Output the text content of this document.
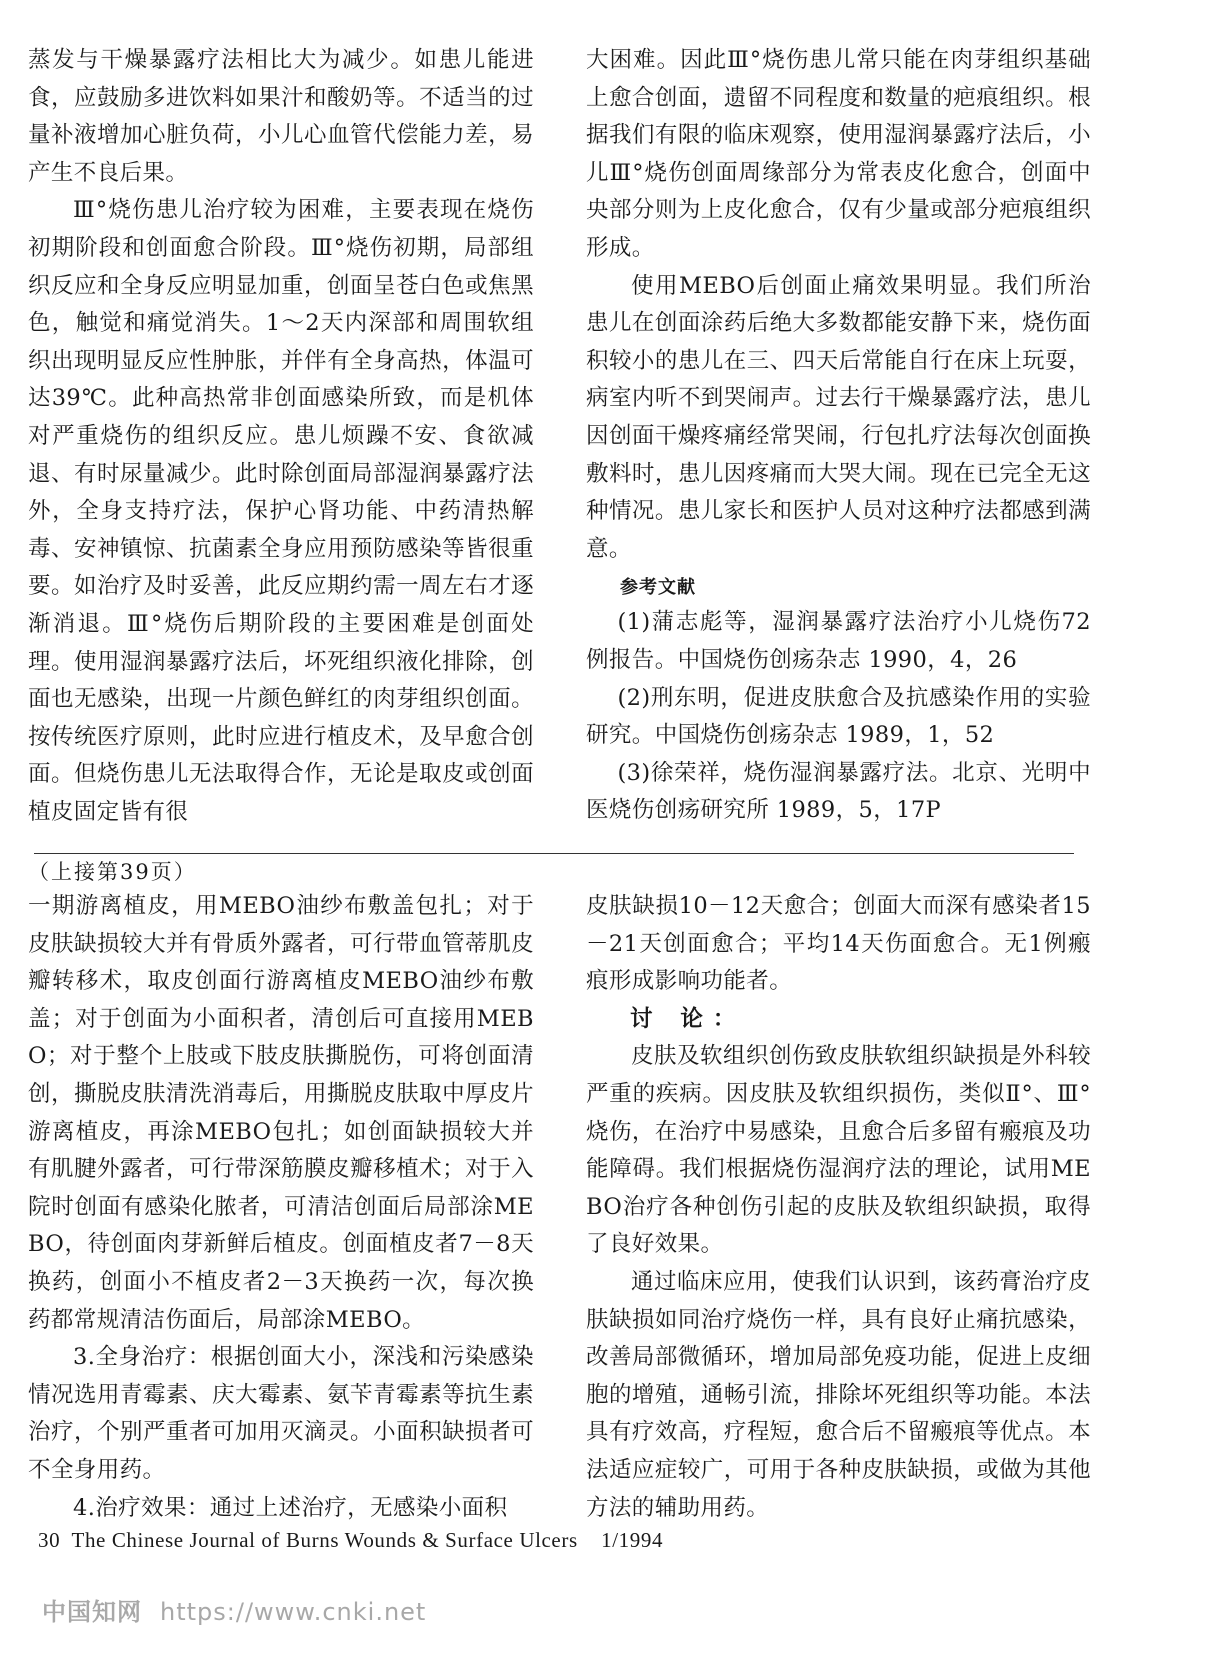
蒸发与干燥暴露疗法相比大为减少。如患儿能进食，应鼓励多进饮料如果汁和酸奶等。不适当的过量补液增加心脏负荷，小儿心血管代偿能力差，易产生不良后果。

Ⅲ°烧伤患儿治疗较为困难，主要表现在烧伤初期阶段和创面愈合阶段。Ⅲ°烧伤初期，局部组织反应和全身反应明显加重，创面呈苍白色或焦黑色，触觉和痛觉消失。1～2天内深部和周围软组织出现明显反应性肿胀，并伴有全身高热，体温可达39℃。此种高热常非创面感染所致，而是机体对严重烧伤的组织反应。患儿烦躁不安、食欲减退、有时尿量减少。此时除创面局部湿润暴露疗法外，全身支持疗法，保护心肾功能、中药清热解毒、安神镇惊、抗菌素全身应用预防感染等皆很重要。如治疗及时妥善，此反应期约需一周左右才逐渐消退。Ⅲ°烧伤后期阶段的主要困难是创面处理。使用湿润暴露疗法后，坏死组织液化排除，创面也无感染，出现一片颜色鲜红的肉芽组织创面。按传统医疗原则，此时应进行植皮术，及早愈合创面。但烧伤患儿无法取得合作，无论是取皮或创面植皮固定皆有很

大困难。因此Ⅲ°烧伤患儿常只能在肉芽组织基础上愈合创面，遗留不同程度和数量的疤痕组织。根据我们有限的临床观察，使用湿润暴露疗法后，小儿Ⅲ°烧伤创面周缘部分为常表皮化愈合，创面中央部分则为上皮化愈合，仅有少量或部分疤痕组织形成。

使用MEBO后创面止痛效果明显。我们所治患儿在创面涂药后绝大多数都能安静下来，烧伤面积较小的患儿在三、四天后常能自行在床上玩耍，病室内听不到哭闹声。过去行干燥暴露疗法，患儿因创面干燥疼痛经常哭闹，行包扎疗法每次创面换敷料时，患儿因疼痛而大哭大闹。现在已完全无这种情况。患儿家长和医护人员对这种疗法都感到满意。

参考文献

(1)蒲志彪等，湿润暴露疗法治疗小儿烧伤72例报告。中国烧伤创疡杂志 1990，4，26

(2)刑东明，促进皮肤愈合及抗感染作用的实验研究。中国烧伤创疡杂志 1989，1，52

(3)徐荣祥，烧伤湿润暴露疗法。北京、光明中医烧伤创疡研究所 1989，5，17P

（上接第39页）

一期游离植皮，用MEBO油纱布敷盖包扎；对于皮肤缺损较大并有骨质外露者，可行带血管蒂肌皮瓣转移术，取皮创面行游离植皮MEBO油纱布敷盖；对于创面为小面积者，清创后可直接用MEBO；对于整个上肢或下肢皮肤撕脱伤，可将创面清创，撕脱皮肤清洗消毒后，用撕脱皮肤取中厚皮片游离植皮，再涂MEBO包扎；如创面缺损较大并有肌腱外露者，可行带深筋膜皮瓣移植术；对于入院时创面有感染化脓者，可清洁创面后局部涂MEBO，待创面肉芽新鲜后植皮。创面植皮者7－8天换药，创面小不植皮者2－3天换药一次，每次换药都常规清洁伤面后，局部涂MEBO。

3.全身治疗：根据创面大小，深浅和污染感染情况选用青霉素、庆大霉素、氨苄青霉素等抗生素治疗，个别严重者可加用灭滴灵。小面积缺损者可不全身用药。

4.治疗效果：通过上述治疗，无感染小面积

皮肤缺损10－12天愈合；创面大而深有感染者15－21天创面愈合；平均14天伤面愈合。无1例瘢痕形成影响功能者。

讨 论：

皮肤及软组织创伤致皮肤软组织缺损是外科较严重的疾病。因皮肤及软组织损伤，类似Ⅱ°、Ⅲ°烧伤，在治疗中易感染，且愈合后多留有瘢痕及功能障碍。我们根据烧伤湿润疗法的理论，试用MEBO治疗各种创伤引起的皮肤及软组织缺损，取得了良好效果。

通过临床应用，使我们认识到，该药膏治疗皮肤缺损如同治疗烧伤一样，具有良好止痛抗感染，改善局部微循环，增加局部免疫功能，促进上皮细胞的增殖，通畅引流，排除坏死组织等功能。本法具有疗效高，疗程短，愈合后不留瘢痕等优点。本法适应症较广，可用于各种皮肤缺损，或做为其他方法的辅助用药。

30 The Chinese Journal of Burns Wounds & Surface Ulcers 1/1994
中国知网 https://www.cnki.net
